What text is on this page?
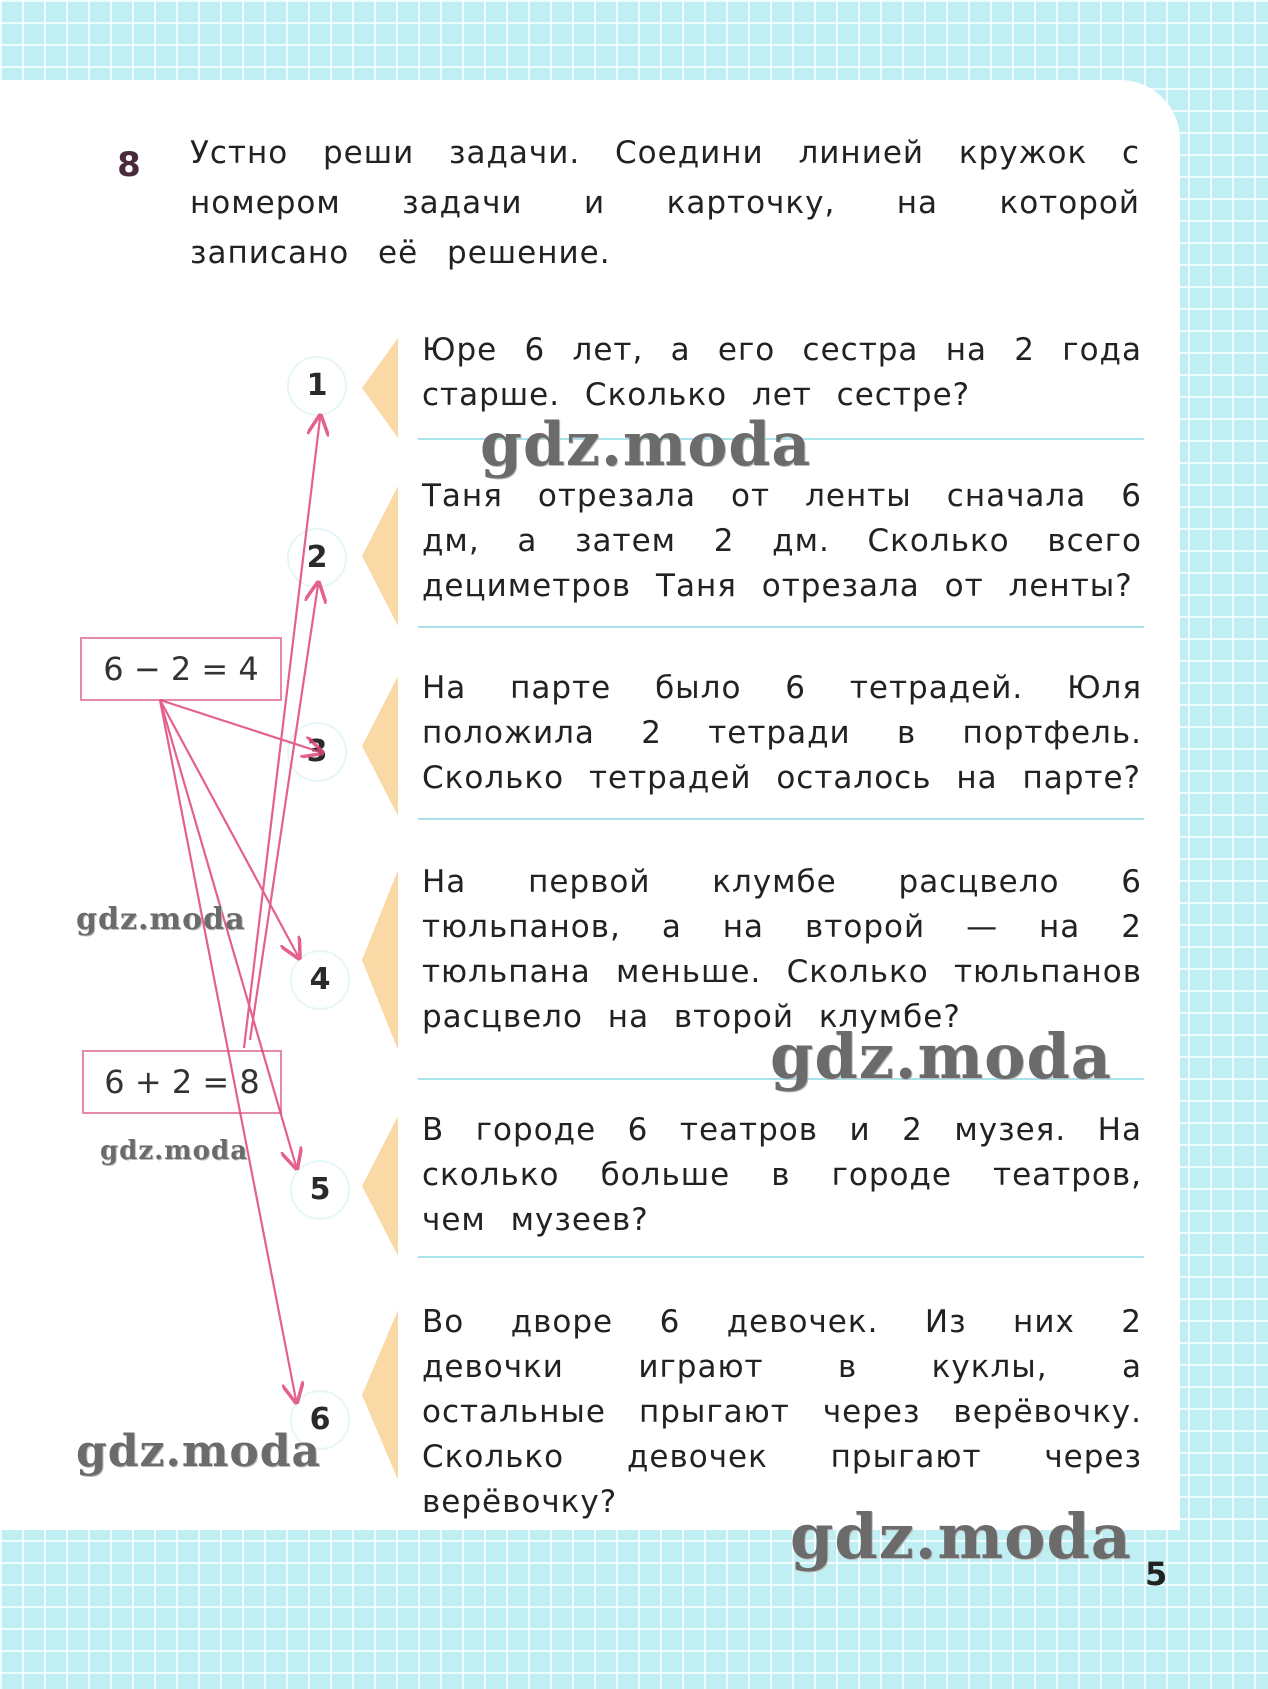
8	Устно реши задачи. Соедини линией кружок с номером задачи и карточку, на которой записано её решение.

Юре 6 лет, а его сестра на 2 года старше. Сколько лет сестре?

Таня отрезала от ленты сначала 6 дм, а затем 2 дм. Сколько всего дециметров Таня отрезала от ленты?

На парте было 6 тетрадей. Юля положила 2 тетради в портфель. Сколько тетрадей осталось на парте?

На первой клумбе расцвело 6 тюльпанов, а на второй — на 2 тюльпана меньше. Сколько тюльпанов расцвело на второй клумбе?

В городе 6 театров и 2 музея. На сколько больше в городе театров, чем музеев?

Во дворе 6 девочек. Из них 2 девочки играют в куклы, а остальные прыгают через верёвочку. Сколько девочек прыгают через верёвочку?

1
2
3
4
5
6
6 − 2 = 4
6 + 2 = 8
gdz.moda
gdz.moda
gdz.moda
gdz.moda
gdz.moda
gdz.moda
5
